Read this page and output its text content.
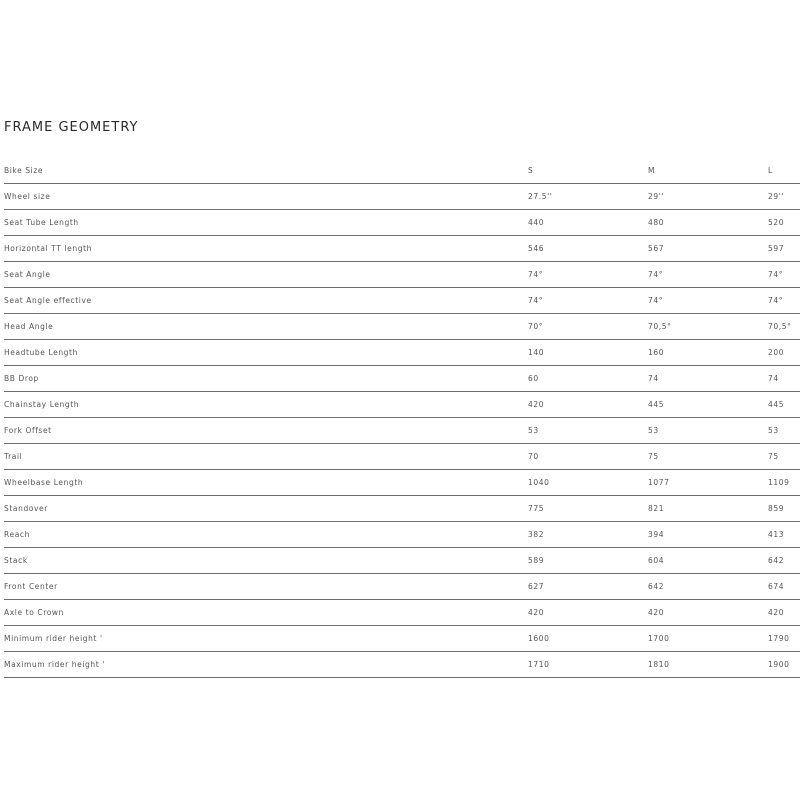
FRAME GEOMETRY
Bike Size	S	M	L
Wheel size	27.5''	29''	29''
Seat Tube Length	440	480	520
Horizontal TT length	546	567	597
Seat Angle	74°	74°	74°
Seat Angle effective	74°	74°	74°
Head Angle	70°	70,5°	70,5°
Headtube Length	140	160	200
BB Drop	60	74	74
Chainstay Length	420	445	445
Fork Offset	53	53	53
Trail	70	75	75
Wheelbase Length	1040	1077	1109
Standover	775	821	859
Reach	382	394	413
Stack	589	604	642
Front Center	627	642	674
Axle to Crown	420	420	420
Minimum rider height '	1600	1700	1790
Maximum rider height '	1710	1810	1900
